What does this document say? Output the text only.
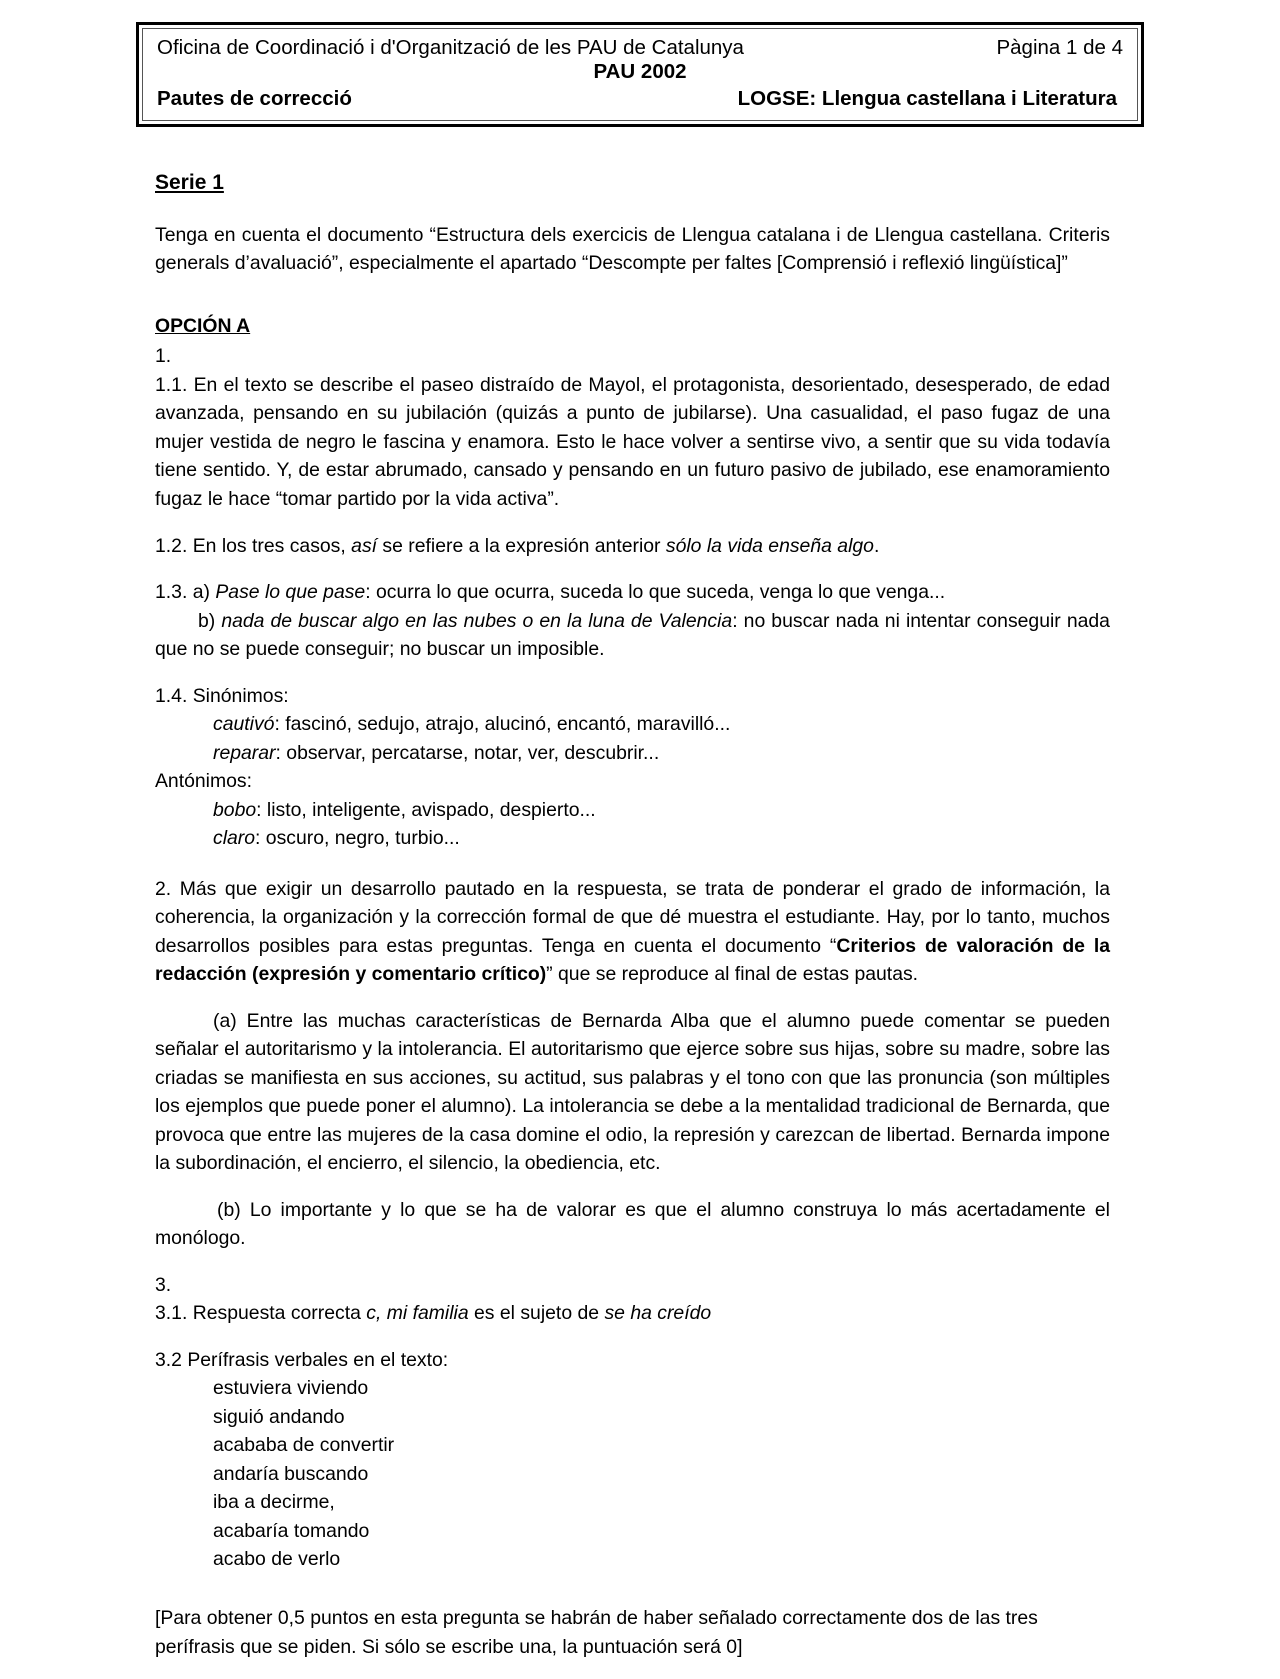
Oficina de Coordinació i d'Organització de les PAU de Catalunya	Pàgina 1 de 4
PAU 2002
Pautes de correcció	LOGSE: Llengua castellana i Literatura
Serie 1

Tenga en cuenta el documento “Estructura dels exercicis de Llengua catalana i de Llengua castellana. Criteris generals d’avaluació”, especialmente el apartado “Descompte per faltes [Comprensió i reflexió lingüística]”

OPCIÓN A
1.

1.1. En el texto se describe el paseo distraído de Mayol, el protagonista, desorientado, desesperado, de edad avanzada, pensando en su jubilación (quizás a punto de jubilarse). Una casualidad, el paso fugaz de una mujer vestida de negro le fascina y enamora. Esto le hace volver a sentirse vivo, a sentir que su vida todavía tiene sentido. Y, de estar abrumado, cansado y pensando en un futuro pasivo de jubilado, ese enamoramiento fugaz le hace “tomar partido por la vida activa”.

1.2. En los tres casos, así se refiere a la expresión anterior sólo la vida enseña algo.

1.3. a) Pase lo que pase: ocurra lo que ocurra, suceda lo que suceda, venga lo que venga...

b) nada de buscar algo en las nubes o en la luna de Valencia: no buscar nada ni intentar conseguir nada que no se puede conseguir; no buscar un imposible.

1.4. Sinónimos:
cautivó: fascinó, sedujo, atrajo, alucinó, encantó, maravilló...
reparar: observar, percatarse, notar, ver, descubrir...
Antónimos:
bobo: listo, inteligente, avispado, despierto...
claro: oscuro, negro, turbio...

2. Más que exigir un desarrollo pautado en la respuesta, se trata de ponderar el grado de información, la coherencia, la organización y la corrección formal de que dé muestra el estudiante. Hay, por lo tanto, muchos desarrollos posibles para estas preguntas. Tenga en cuenta el documento “Criterios de valoración de la redacción (expresión y comentario crítico)” que se reproduce al final de estas pautas.

(a) Entre las muchas características de Bernarda Alba que el alumno puede comentar se pueden señalar el autoritarismo y la intolerancia. El autoritarismo que ejerce sobre sus hijas, sobre su madre, sobre las criadas se manifiesta en sus acciones, su actitud, sus palabras y el tono con que las pronuncia (son múltiples los ejemplos que puede poner el alumno). La intolerancia se debe a la mentalidad tradicional de Bernarda, que provoca que entre las mujeres de la casa domine el odio, la represión y carezcan de libertad. Bernarda impone la subordinación, el encierro, el silencio, la obediencia, etc.

(b) Lo importante y lo que se ha de valorar es que el alumno construya lo más acertadamente el monólogo.

3.

3.1. Respuesta correcta c, mi familia es el sujeto de se ha creído

3.2 Perífrasis verbales en el texto:
estuviera viviendo
siguió andando
acababa de convertir
andaría buscando
iba a decirme,
acabaría tomando
acabo de verlo

[Para obtener 0,5 puntos en esta pregunta se habrán de haber señalado correctamente dos de las tres perífrasis que se piden. Si sólo se escribe una, la puntuación será 0]
